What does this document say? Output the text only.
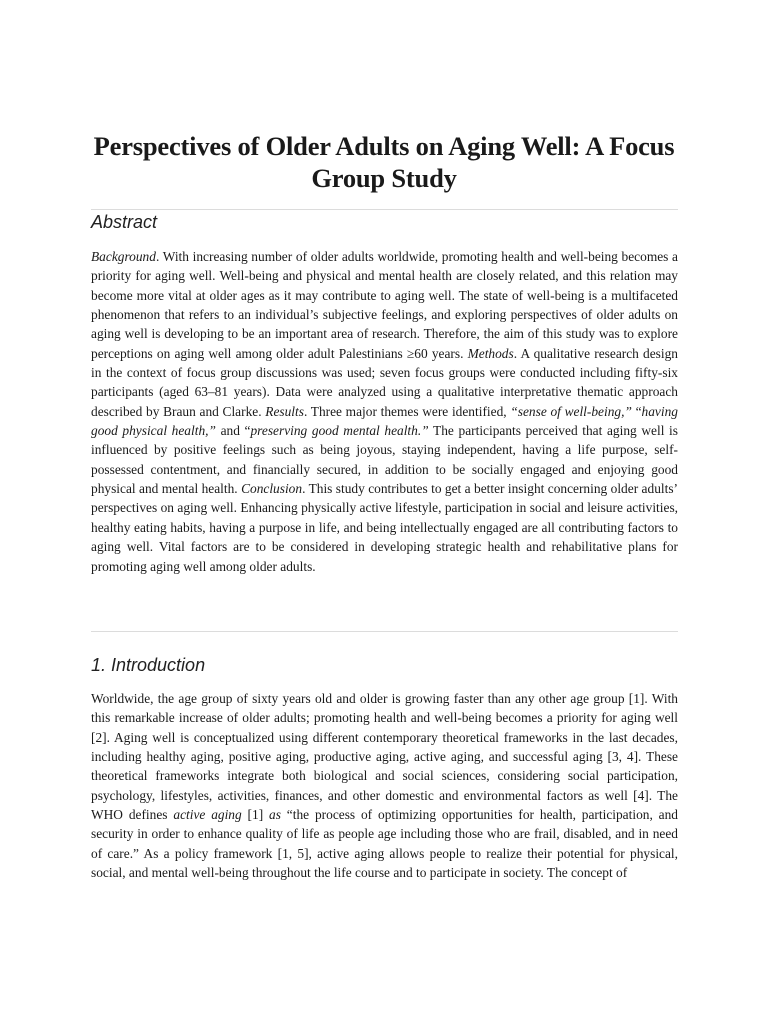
Perspectives of Older Adults on Aging Well: A Focus Group Study
Abstract

Background. With increasing number of older adults worldwide, promoting health and well-being becomes a priority for aging well. Well-being and physical and mental health are closely related, and this relation may become more vital at older ages as it may contribute to aging well. The state of well-being is a multifaceted phenomenon that refers to an individual’s subjective feelings, and exploring perspectives of older adults on aging well is developing to be an important area of research. Therefore, the aim of this study was to explore perceptions on aging well among older adult Palestinians ≥60 years. Methods. A qualitative research design in the context of focus group discussions was used; seven focus groups were conducted including fifty-six participants (aged 63–81 years). Data were analyzed using a qualitative interpretative thematic approach described by Braun and Clarke. Results. Three major themes were identified, “sense of well-being,” “having good physical health,” and “preserving good mental health.” The participants perceived that aging well is influenced by positive feelings such as being joyous, staying independent, having a life purpose, self-possessed contentment, and financially secured, in addition to be socially engaged and enjoying good physical and mental health. Conclusion. This study contributes to get a better insight concerning older adults’ perspectives on aging well. Enhancing physically active lifestyle, participation in social and leisure activities, healthy eating habits, having a purpose in life, and being intellectually engaged are all contributing factors to aging well. Vital factors are to be considered in developing strategic health and rehabilitative plans for promoting aging well among older adults.

1. Introduction

Worldwide, the age group of sixty years old and older is growing faster than any other age group [1]. With this remarkable increase of older adults; promoting health and well-being becomes a priority for aging well [2]. Aging well is conceptualized using different contemporary theoretical frameworks in the last decades, including healthy aging, positive aging, productive aging, active aging, and successful aging [3, 4]. These theoretical frameworks integrate both biological and social sciences, considering social participation, psychology, lifestyles, activities, finances, and other domestic and environmental factors as well [4]. The WHO defines active aging [1] as “the process of optimizing opportunities for health, participation, and security in order to enhance quality of life as people age including those who are frail, disabled, and in need of care.” As a policy framework [1, 5], active aging allows people to realize their potential for physical, social, and mental well-being throughout the life course and to participate in society. The concept of
